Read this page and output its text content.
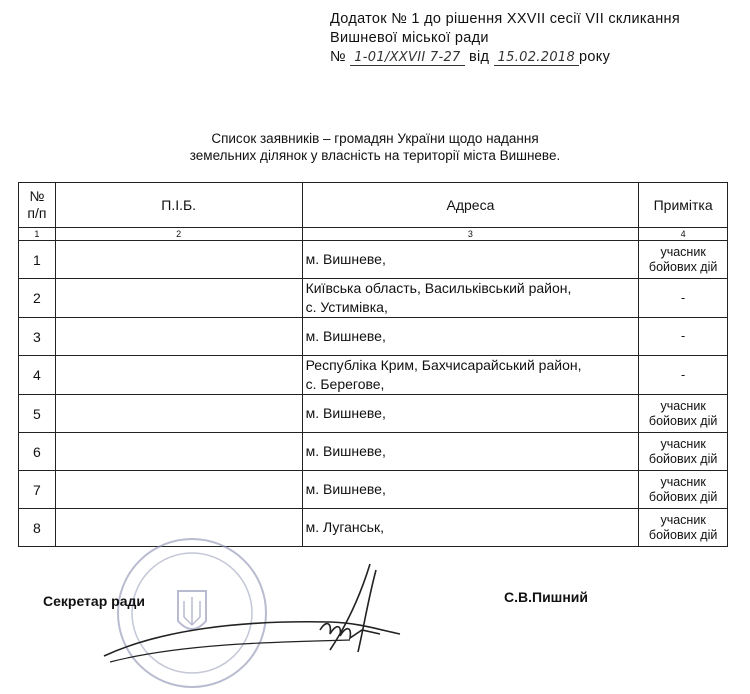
Додаток № 1 до рішення XXVII сесії VII скликання
Вишневої міської ради
№ 1-01/XXVII 7-27 від 15.02.2018 року
Список заявників – громадян України щодо надання
земельних ділянок у власність на території міста Вишневе.
№
п/п	П.І.Б.	Адреса	Примітка
1	2	3	4
1		м. Вишневе,	учасник бойових дій
2		Київська область, Васильківський район,
с. Устимівка,	-
3		м. Вишневе,	-
4		Республіка Крим, Бахчисарайський район,
с. Берегове,	-
5		м. Вишневе,	учасник бойових дій
6		м. Вишневе,	учасник бойових дій
7		м. Вишневе,	учасник бойових дій
8		м. Луганськ,	учасник бойових дій
Секретар ради	С.В.Пишний
